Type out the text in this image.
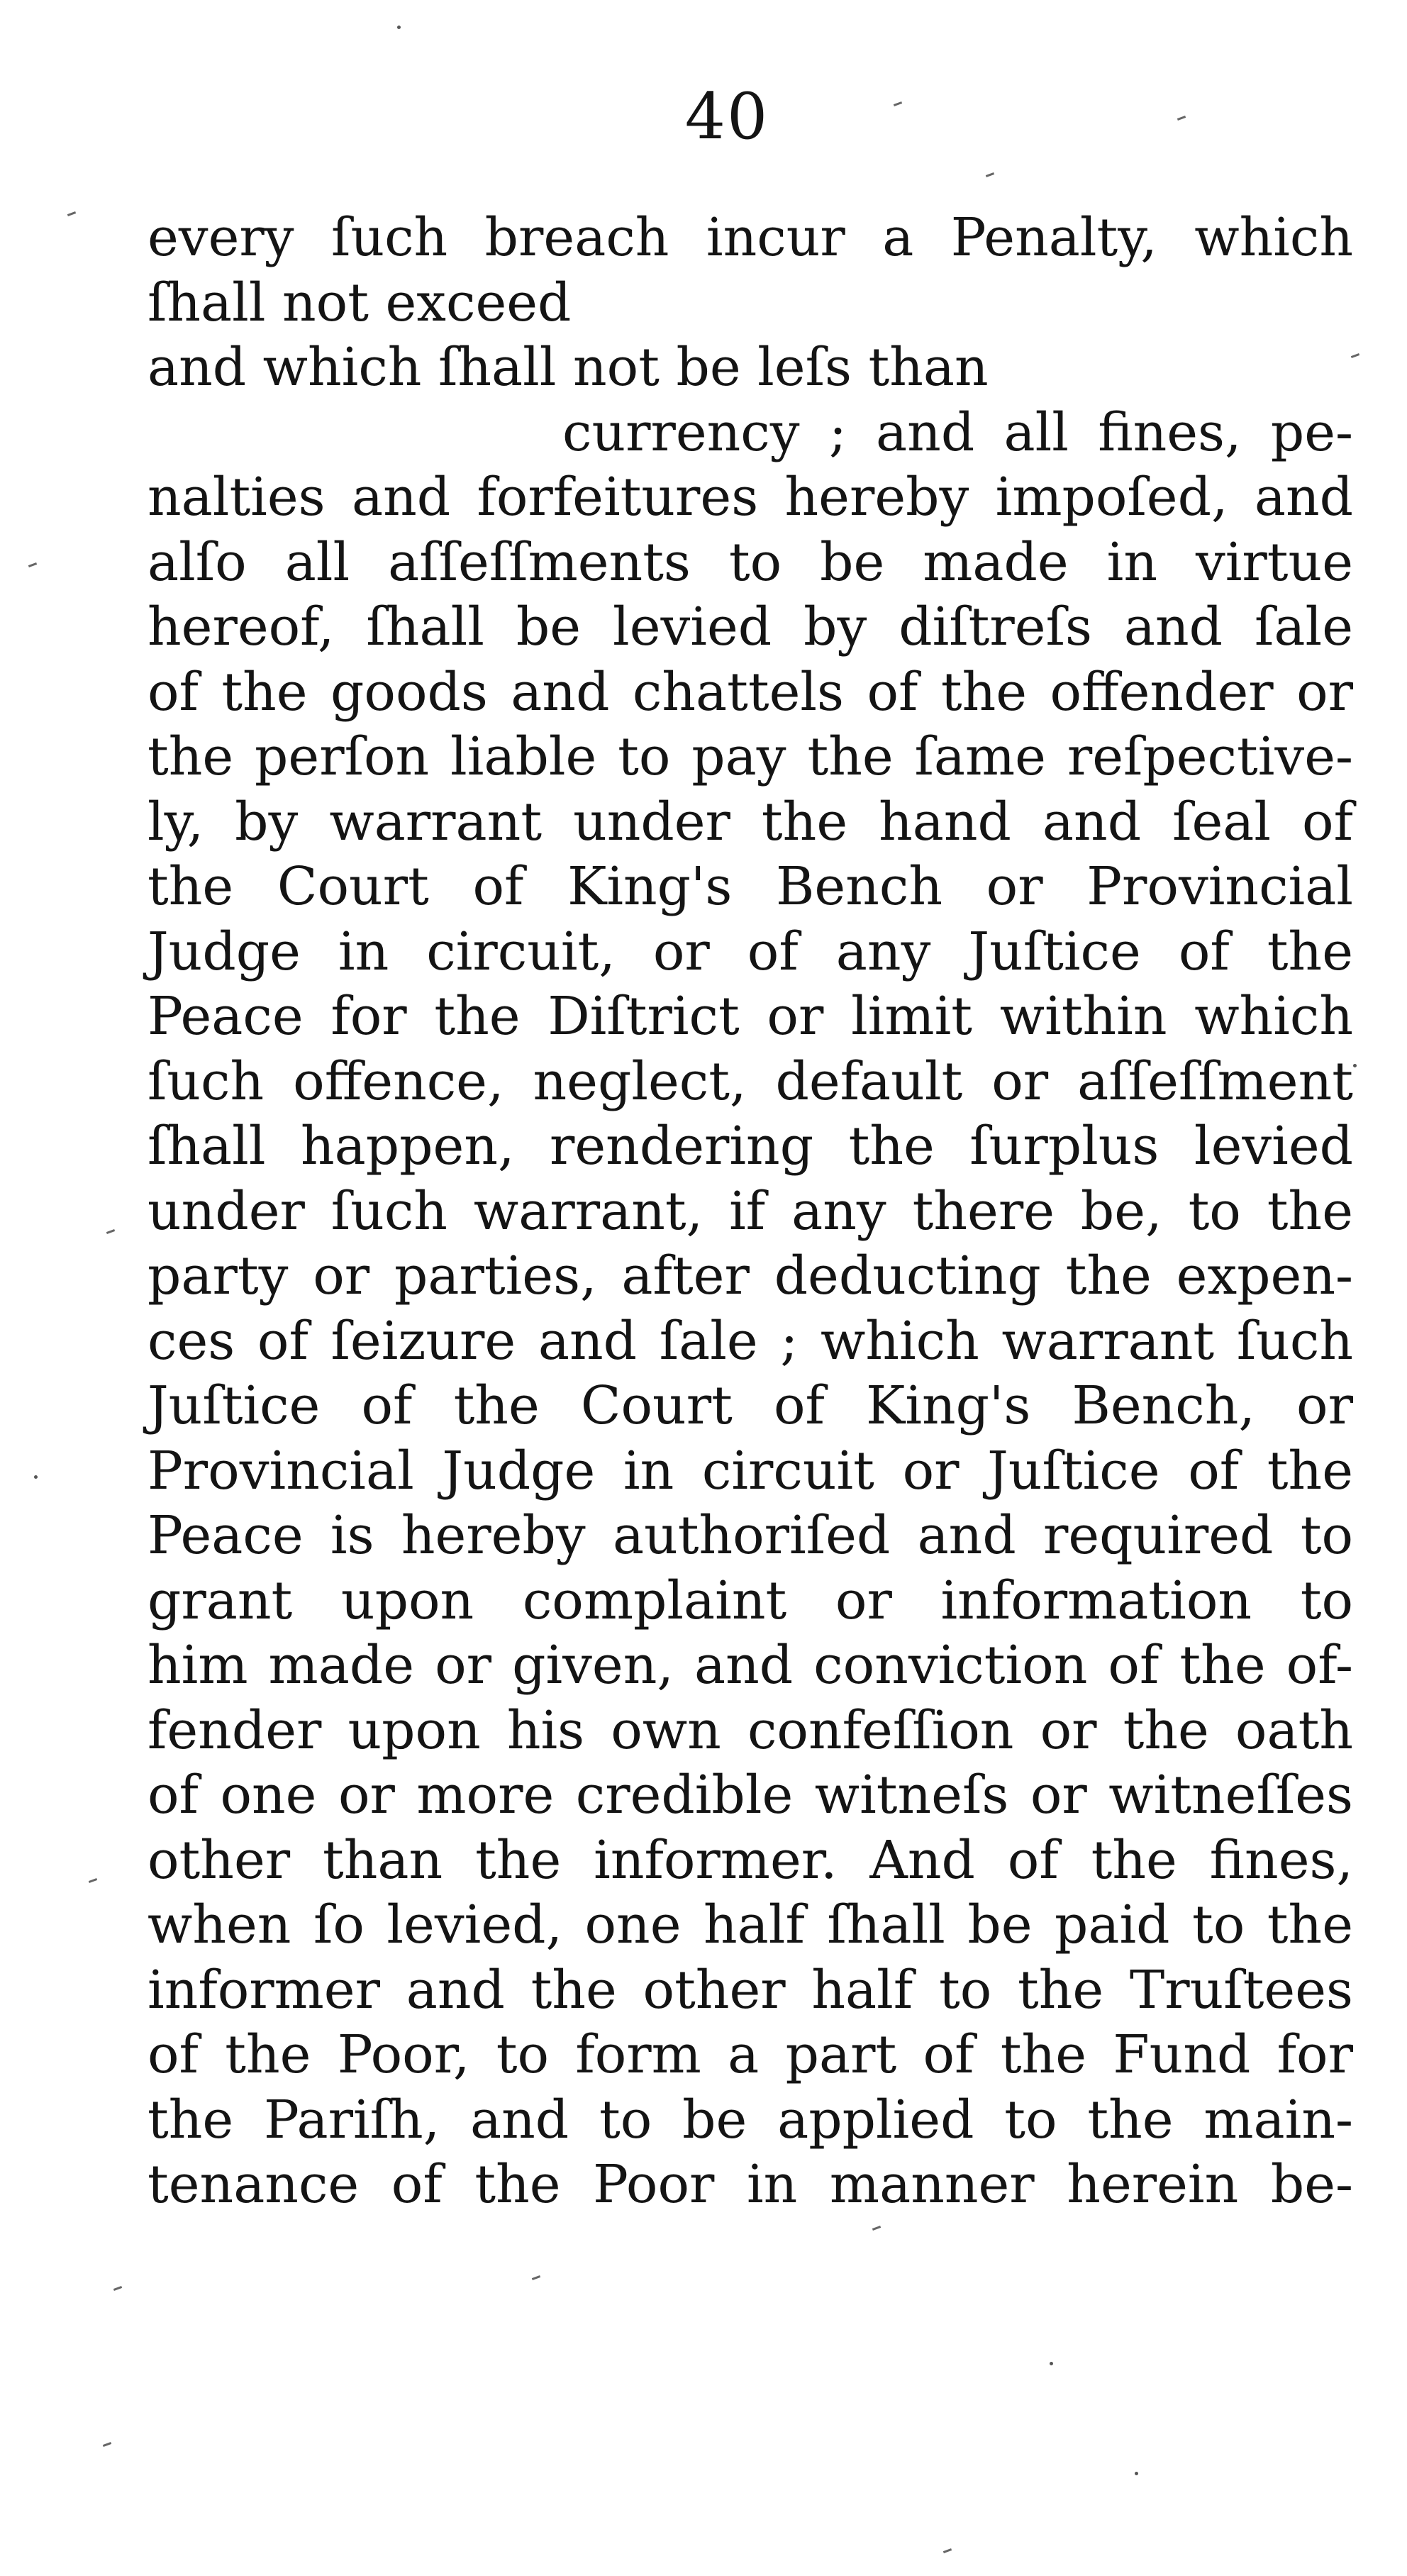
40
every ſuch breach incur a Penalty, which
ſhall not exceed
and which ſhall not be leſs than
currency ; and all fines, pe-
nalties and forfeitures hereby impoſed, and
alſo all aſſeſſments to be made in virtue
hereof, ſhall be levied by diſtreſs and ſale
of the goods and chattels of the offender or
the perſon liable to pay the ſame reſpective-
ly, by warrant under the hand and ſeal of
the Court of King's Bench or Provincial
Judge in circuit, or of any Juſtice of the
Peace for the Diſtrict or limit within which
ſuch offence, neglect, default or aſſeſſment
ſhall happen, rendering the ſurplus levied
under ſuch warrant, if any there be, to the
party or parties, after deducting the expen-
ces of ſeizure and ſale ; which warrant ſuch
Juſtice of the Court of King's Bench, or
Provincial Judge in circuit or Juſtice of the
Peace is hereby authoriſed and required to
grant upon complaint or information to
him made or given, and conviction of the of-
fender upon his own confeſſion or the oath
of one or more credible witneſs or witneſſes
other than the informer. And of the fines,
when ſo levied, one half ſhall be paid to the
informer and the other half to the Truſtees
of the Poor, to form a part of the Fund for
the Pariſh, and to be applied to the main-
tenance of the Poor in manner herein be-
